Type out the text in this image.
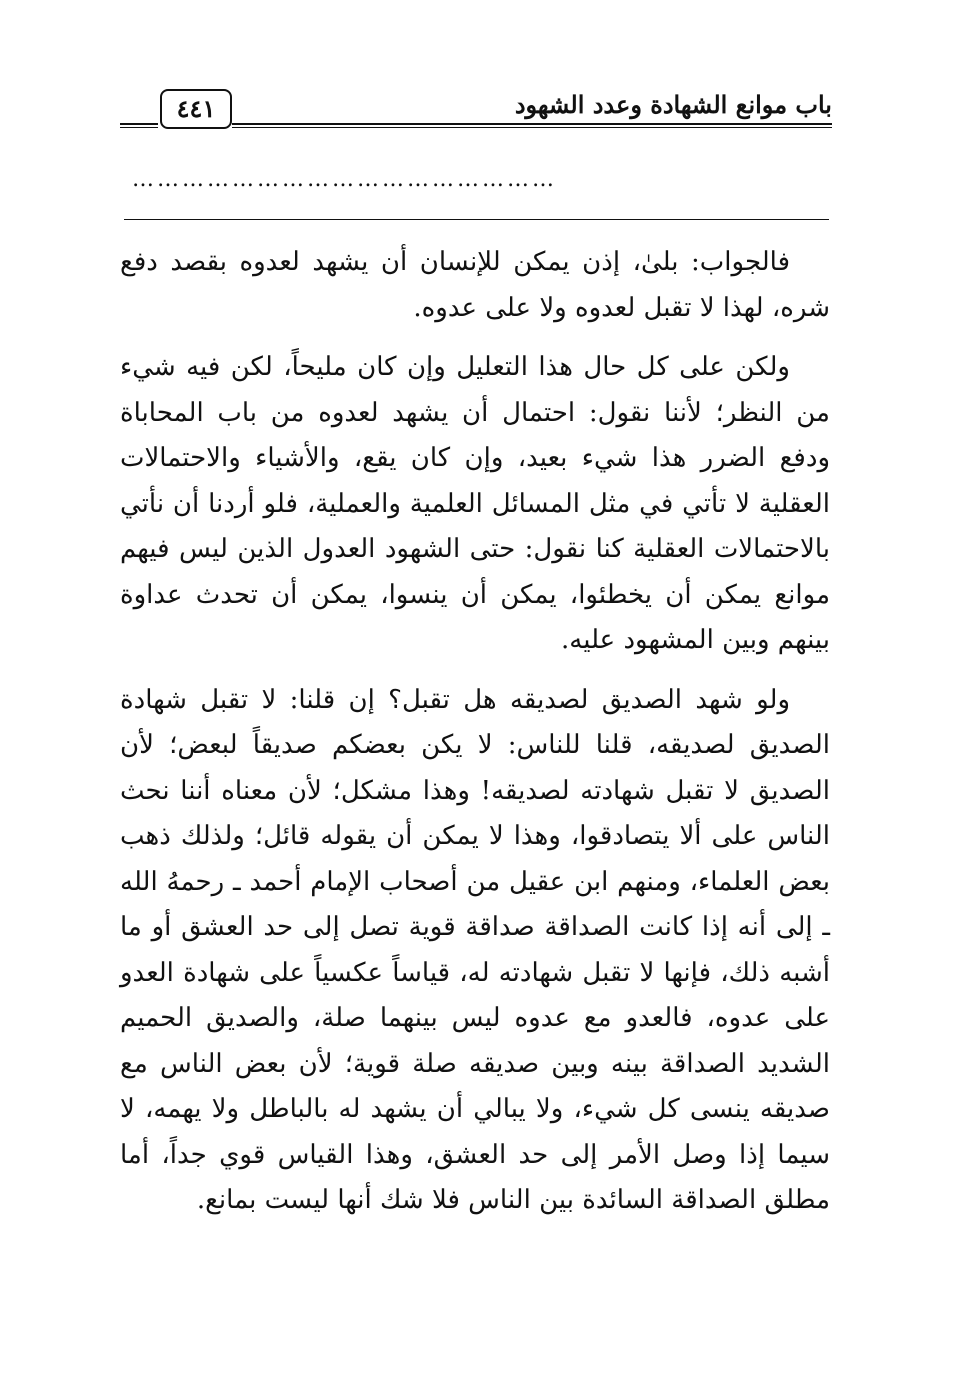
باب موانع الشهادة وعدد الشهود
٤٤١
……………………………………………

فالجواب: بلىٰ، إذن يمكن للإنسان أن يشهد لعدوه بقصد دفع شره، لهذا لا تقبل لعدوه ولا على عدوه.

ولكن على كل حال هذا التعليل وإن كان مليحاً، لكن فيه شيء من النظر؛ لأننا نقول: احتمال أن يشهد لعدوه من باب المحاباة ودفع الضرر هذا شيء بعيد، وإن كان يقع، والأشياء والاحتمالات العقلية لا تأتي في مثل المسائل العلمية والعملية، فلو أردنا أن نأتي بالاحتمالات العقلية كنا نقول: حتى الشهود العدول الذين ليس فيهم موانع يمكن أن يخطئوا، يمكن أن ينسوا، يمكن أن تحدث عداوة بينهم وبين المشهود عليه.

ولو شهد الصديق لصديقه هل تقبل؟ إن قلنا: لا تقبل شهادة الصديق لصديقه، قلنا للناس: لا يكن بعضكم صديقاً لبعض؛ لأن الصديق لا تقبل شهادته لصديقه! وهذا مشكل؛ لأن معناه أننا نحث الناس على ألا يتصادقوا، وهذا لا يمكن أن يقوله قائل؛ ولذلك ذهب بعض العلماء، ومنهم ابن عقيل من أصحاب الإمام أحمد ـ رحمهُ الله ـ إلى أنه إذا كانت الصداقة صداقة قوية تصل إلى حد العشق أو ما أشبه ذلك، فإنها لا تقبل شهادته له، قياساً عكسياً على شهادة العدو على عدوه، فالعدو مع عدوه ليس بينهما صلة، والصديق الحميم الشديد الصداقة بينه وبين صديقه صلة قوية؛ لأن بعض الناس مع صديقه ينسى كل شيء، ولا يبالي أن يشهد له بالباطل ولا يهمه، لا سيما إذا وصل الأمر إلى حد العشق، وهذا القياس قوي جداً، أما مطلق الصداقة السائدة بين الناس فلا شك أنها ليست بمانع.
